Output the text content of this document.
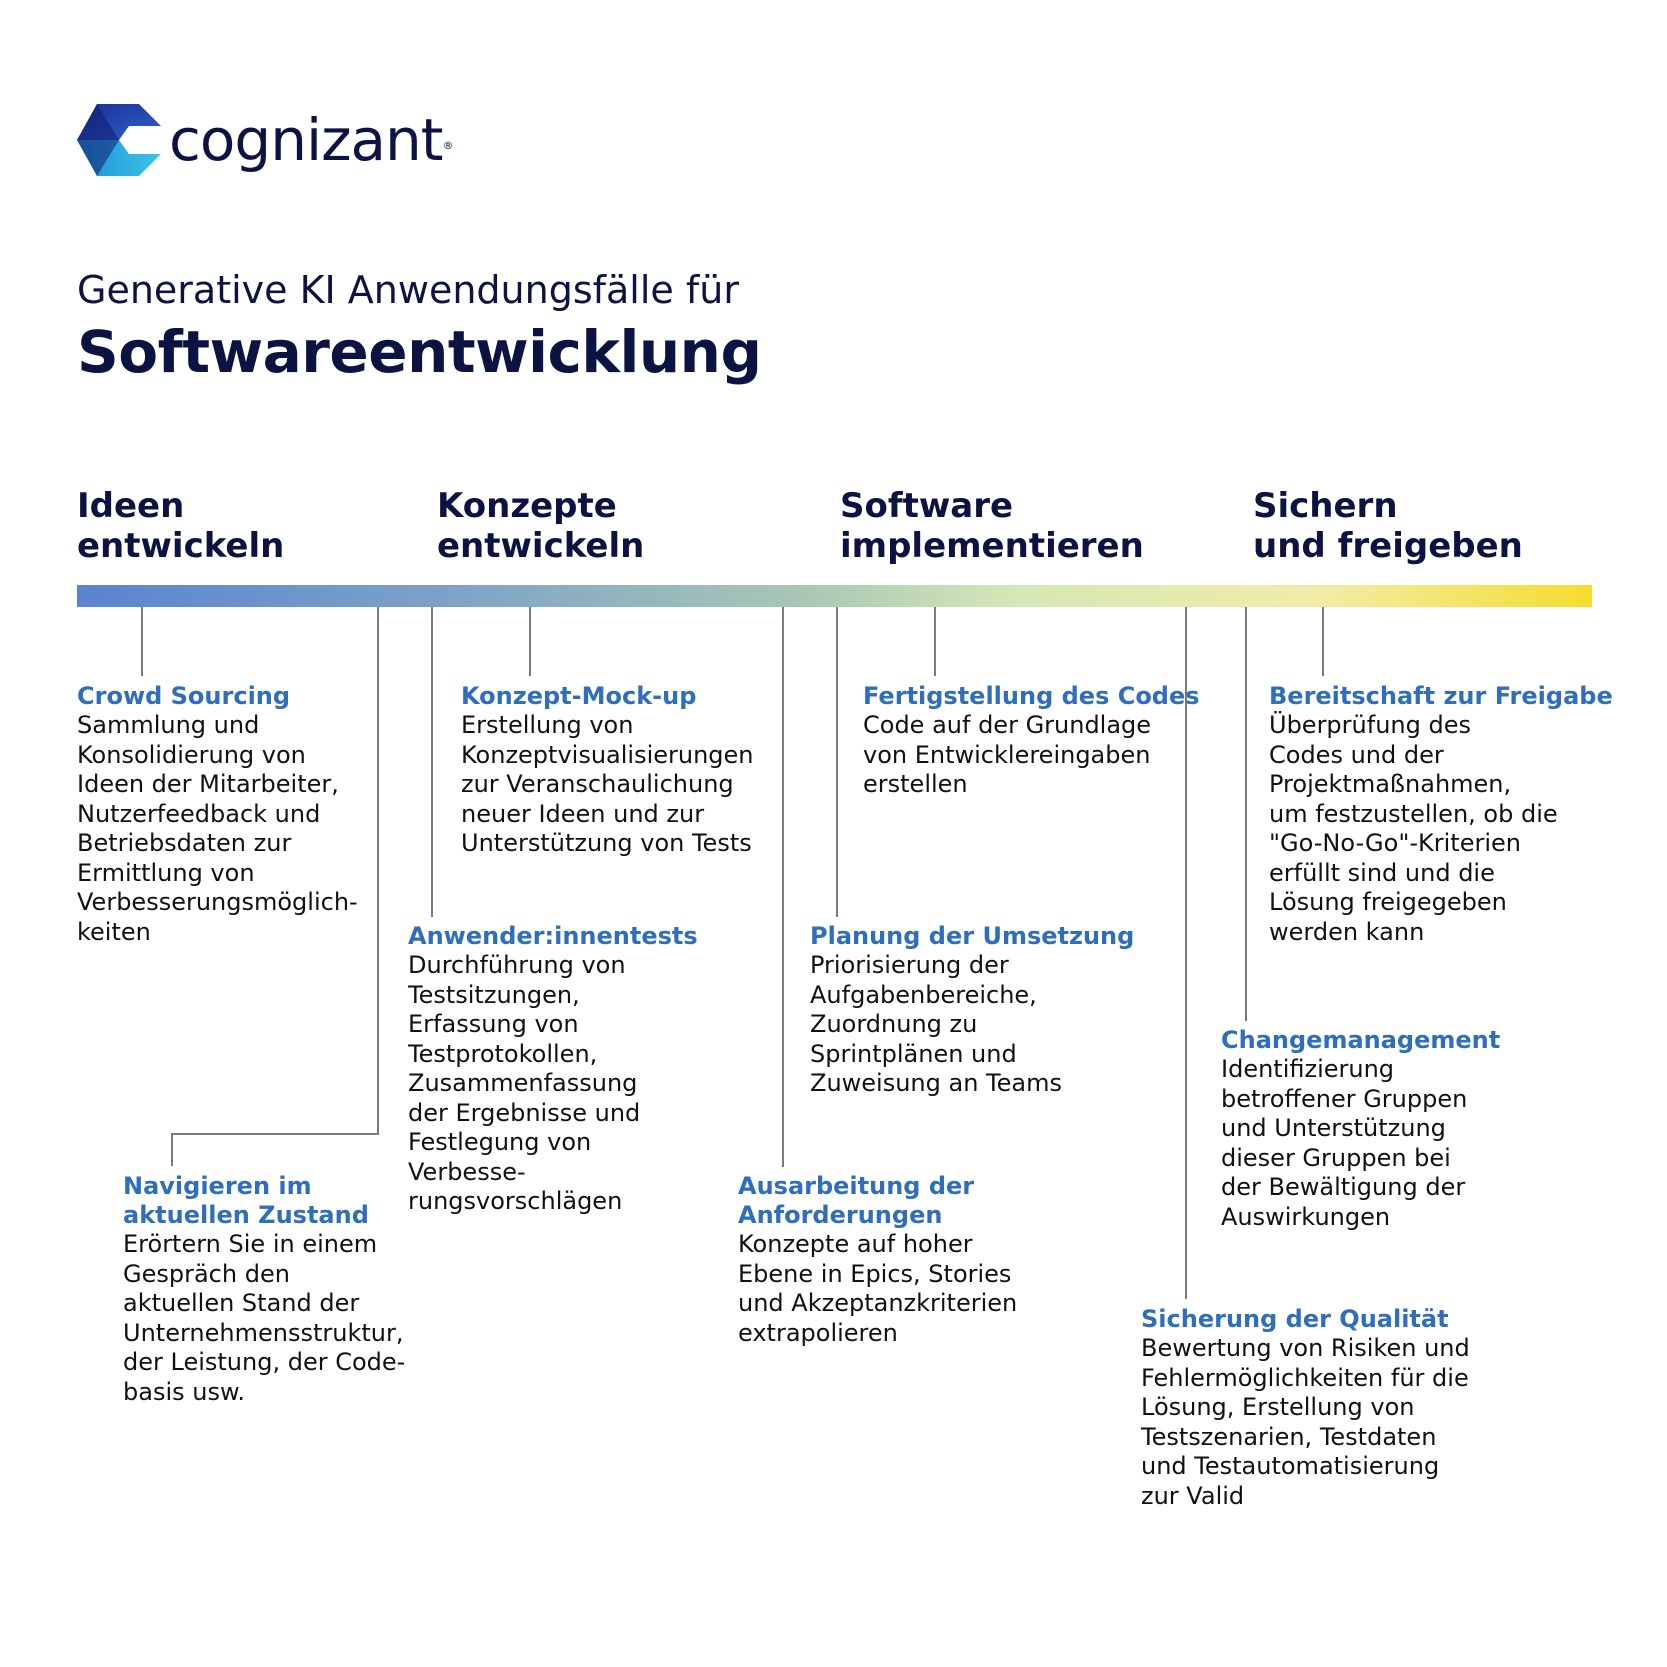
cognizant®
Generative KI Anwendungsfälle für
Softwareentwicklung
Ideen
entwickeln
Konzepte
entwickeln
Software
implementieren
Sichern
und freigeben
Crowd Sourcing
Sammlung und
Konsolidierung von
Ideen der Mitarbeiter,
Nutzerfeedback und
Betriebsdaten zur
Ermittlung von
Verbesserungsmöglich-
keiten
Navigieren im
aktuellen Zustand
Erörtern Sie in einem
Gespräch den
aktuellen Stand der
Unternehmensstruktur,
der Leistung, der Code-
basis usw.
Konzept-Mock-up
Erstellung von
Konzeptvisualisierungen
zur Veranschaulichung
neuer Ideen und zur
Unterstützung von Tests
Anwender:innentests
Durchführung von
Testsitzungen,
Erfassung von
Testprotokollen,
Zusammenfassung
der Ergebnisse und
Festlegung von
Verbesse-
rungsvorschlägen
Ausarbeitung der
Anforderungen
Konzepte auf hoher
Ebene in Epics, Stories
und Akzeptanzkriterien
extrapolieren
Fertigstellung des Codes
Code auf der Grundlage
von Entwicklereingaben
erstellen
Planung der Umsetzung
Priorisierung der
Aufgabenbereiche,
Zuordnung zu
Sprintplänen und
Zuweisung an Teams
Sicherung der Qualität
Bewertung von Risiken und
Fehlermöglichkeiten für die
Lösung, Erstellung von
Testszenarien, Testdaten
und Testautomatisierung
zur Valid
Changemanagement
Identifizierung
betroffener Gruppen
und Unterstützung
dieser Gruppen bei
der Bewältigung der
Auswirkungen
Bereitschaft zur Freigabe
Überprüfung des
Codes und der
Projektmaßnahmen,
um festzustellen, ob die
"Go-No-Go"-Kriterien
erfüllt sind und die
Lösung freigegeben
werden kann
